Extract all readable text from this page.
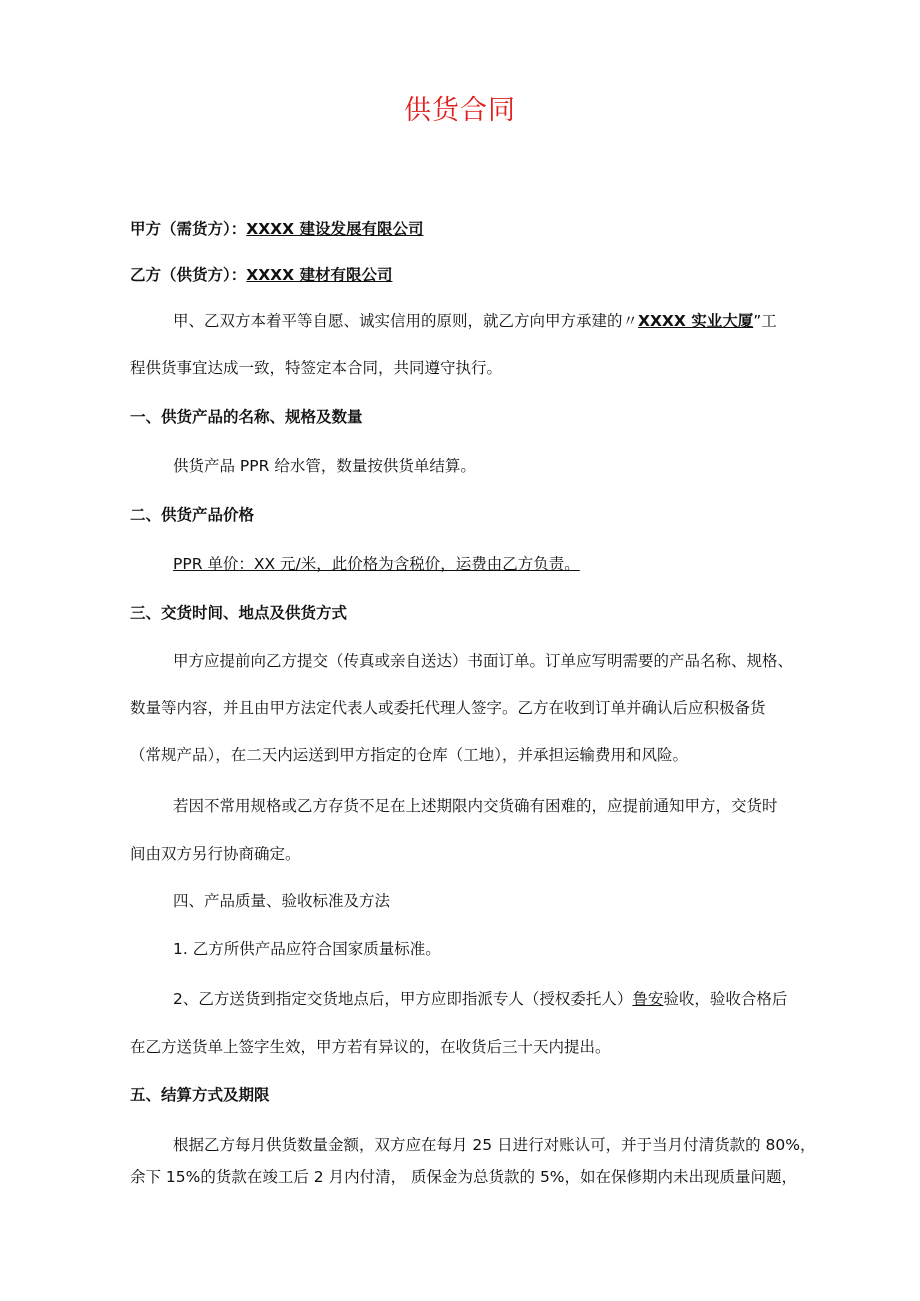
供货合同
甲方（需货方）：XXXX 建设发展有限公司
乙方（供货方）：XXXX 建材有限公司
甲、乙双方本着平等自愿、诚实信用的原则，就乙方向甲方承建的〃XXXX 实业大厦”工
程供货事宜达成一致，特签定本合同，共同遵守执行。
一、供货产品的名称、规格及数量
供货产品 PPR 给水管，数量按供货单结算。
二、供货产品价格
PPR 单价：XX 元/米，此价格为含税价，运费由乙方负责。
三、交货时间、地点及供货方式
甲方应提前向乙方提交（传真或亲自送达）书面订单。订单应写明需要的产品名称、规格、
数量等内容，并且由甲方法定代表人或委托代理人签字。乙方在收到订单并确认后应积极备货
（常规产品），在二天内运送到甲方指定的仓库（工地），并承担运输费用和风险。
若因不常用规格或乙方存货不足在上述期限内交货确有困难的，应提前通知甲方，交货时
间由双方另行协商确定。
四、产品质量、验收标准及方法
1. 乙方所供产品应符合国家质量标准。
2、乙方送货到指定交货地点后，甲方应即指派专人（授权委托人）鲁安验收，验收合格后
在乙方送货单上签字生效，甲方若有异议的，在收货后三十天内提出。
五、结算方式及期限
根据乙方每月供货数量金额，双方应在每月 25 日进行对账认可，并于当月付清货款的 80%，
余下 15%的货款在竣工后 2 月内付清， 质保金为总货款的 5%，如在保修期内未出现质量问题，
